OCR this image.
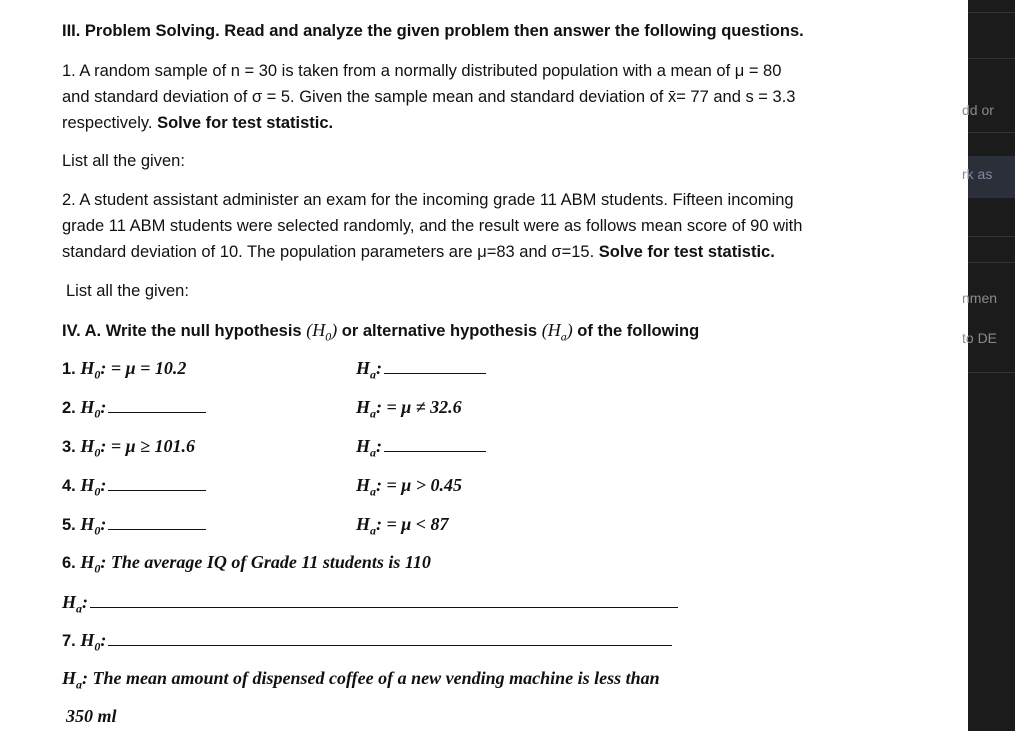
III. Problem Solving. Read and analyze the given problem then answer the following questions.
1. A random sample of n = 30 is taken from a normally distributed population with a mean of μ = 80
and standard deviation of σ = 5. Given the sample mean and standard deviation of x̄= 77 and s = 3.3
respectively. Solve for test statistic.
List all the given:
2. A student assistant administer an exam for the incoming grade 11 ABM students. Fifteen incoming
grade 11 ABM students were selected randomly, and the result were as follows mean score of 90 with
standard deviation of 10. The population parameters are μ=83 and σ=15. Solve for test statistic.
List all the given:
IV. A. Write the null hypothesis $(H_0)$ or alternative hypothesis $(H_a)$ of the following
1. $H_0$: = μ = 10.2	$H_a$:
2. $H_0$:	$H_a$: = μ ≠ 32.6
3. $H_0$: = μ ≥ 101.6	$H_a$:
4. $H_0$:	$H_a$: = μ > 0.45
5. $H_0$:	$H_a$: = μ < 87
6. $H_0$: The average IQ of Grade 11 students is 110
$H_a$:
7. $H_0$:
$H_a$: The mean amount of dispensed coffee of a new vending machine is less than
350 ml
dd or
rk as
nmen
to DE
